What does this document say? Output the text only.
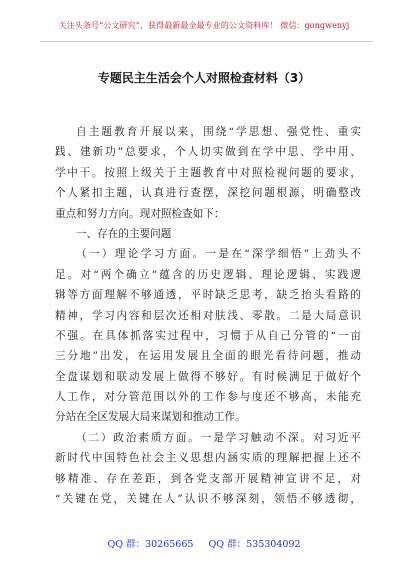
关注头条号“公文研究”，获得最新最全最专业的公文资料库！ 微信：gongwenyj
专题民主生活会个人对照检查材料（3）
自主题教育开展以来，围绕“学思想、强党性、重实
践、建新功”总要求，个人切实做到在学中思、学中用、
学中干。按照上级关于主题教育中对照检视问题的要求，
个人紧扣主题，认真进行查摆，深挖问题根源，明确整改
重点和努力方向。现对照检查如下：
一、存在的主要问题
（一）理论学习方面。一是在“深学细悟”上劲头不
足。对“两个确立”蕴含的历史逻辑、理论逻辑、实践逻
辑等方面理解不够通透，平时缺乏思考，缺乏抬头看路的
精神，学习内容和层次还相对肤浅、零散。二是大局意识
不强。在具体抓落实过程中，习惯于从自己分管的“一亩
三分地”出发，在运用发展且全面的眼光看待问题，推动
全盘谋划和联动发展上做得不够好。有时候满足于做好个
人工作，对分管范围以外的工作参与度还不够高，未能充
分站在全区发展大局来谋划和推动工作。
（二）政治素质方面。一是学习触动不深。对习近平
新时代中国特色社会主义思想内涵实质的理解把握上还不
够精准、存在差距，到各党支部开展精神宣讲不足，对
“关键在党，关键在人”认识不够深刻，领悟不够透彻，
QQ 群：30265665     QQ 群：535304092
